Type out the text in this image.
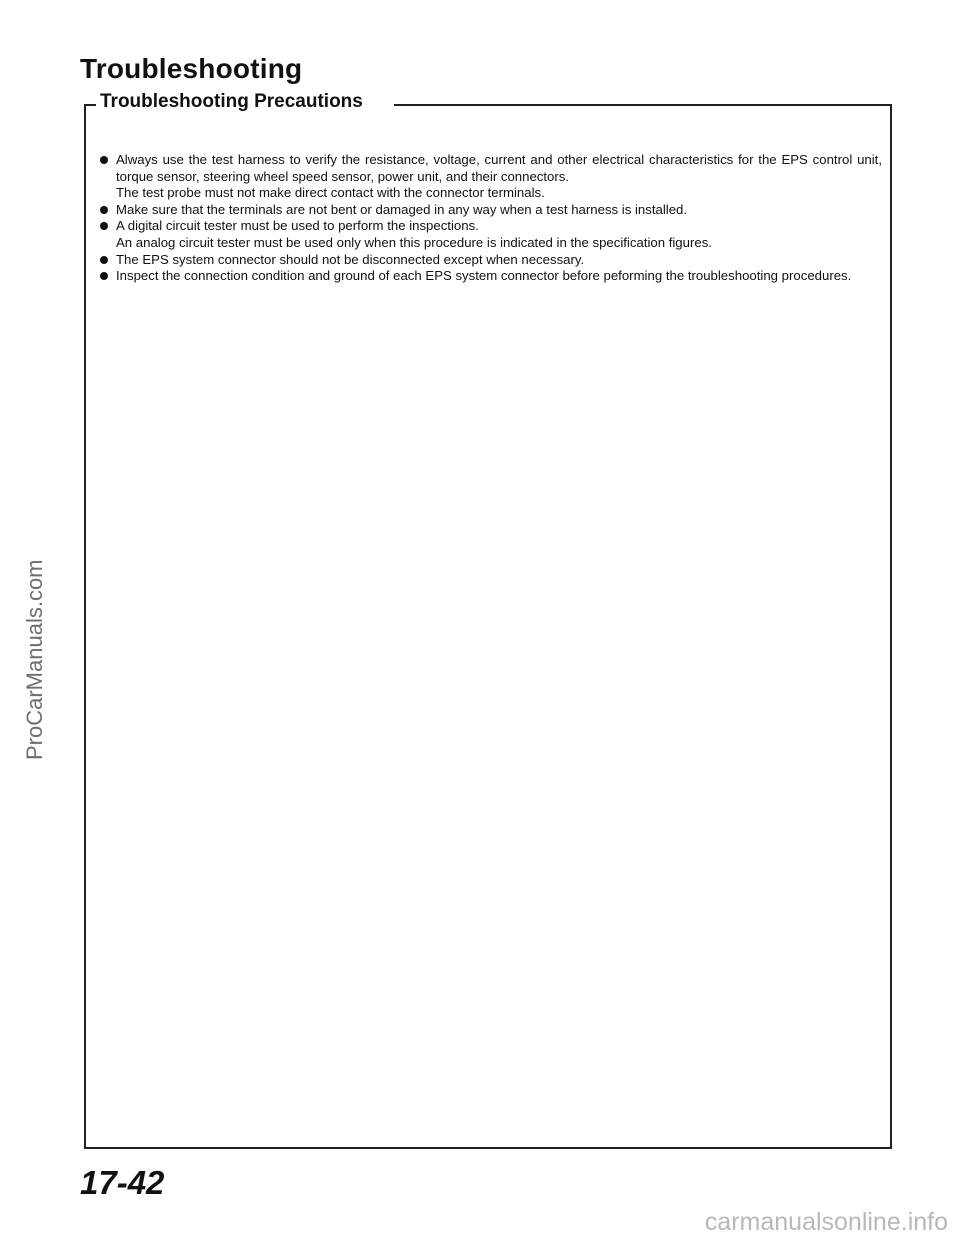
Troubleshooting
Troubleshooting Precautions
Always use the test harness to verify the resistance, voltage, current and other electrical characteristics for the EPS control unit, torque sensor, steering wheel speed sensor, power unit, and their connectors.
The test probe must not make direct contact with the connector terminals.
Make sure that the terminals are not bent or damaged in any way when a test harness is installed.
A digital circuit tester must be used to perform the inspections.
An analog circuit tester must be used only when this procedure is indicated in the specification figures.
The EPS system connector should not be disconnected except when necessary.
Inspect the connection condition and ground of each EPS system connector before peforming the troubleshooting procedures.
ProCarManuals.com
17-42
carmanualsonline.info
